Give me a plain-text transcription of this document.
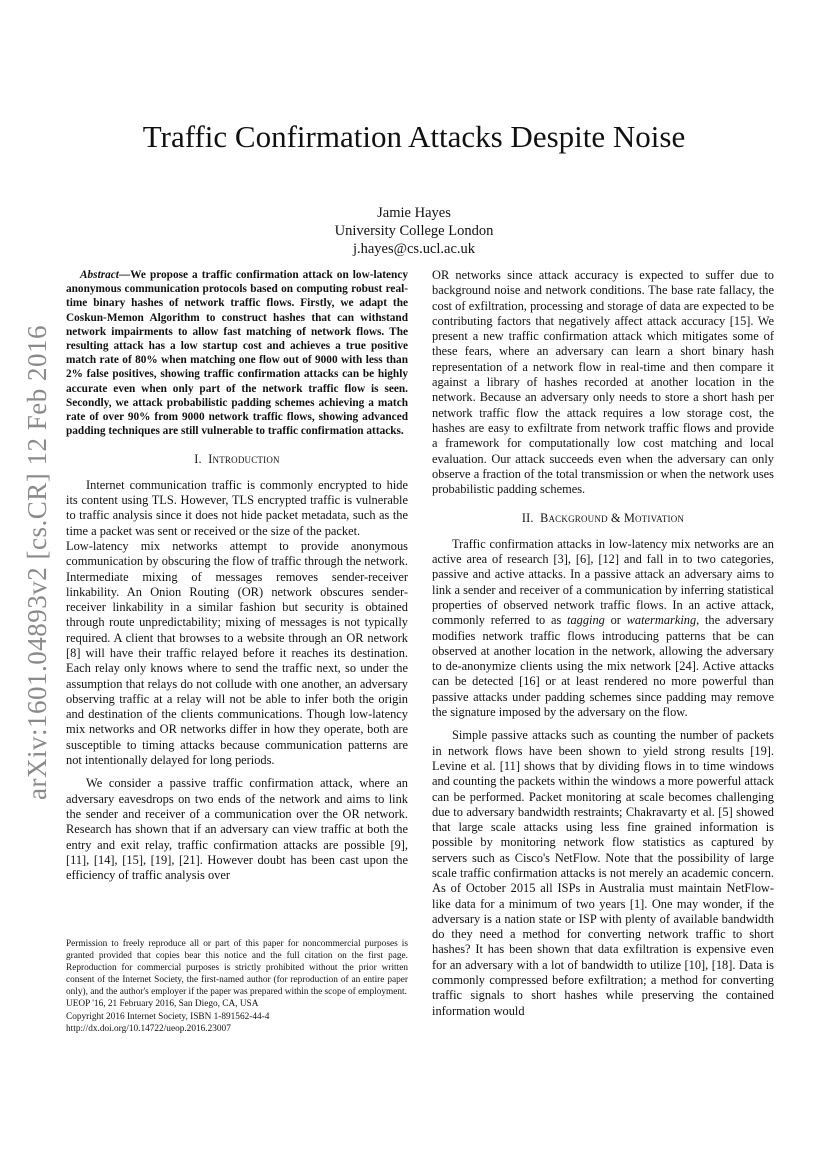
arXiv:1601.04893v2 [cs.CR] 12 Feb 2016
Traffic Confirmation Attacks Despite Noise
Jamie Hayes
University College London
j.hayes@cs.ucl.ac.uk

Abstract—We propose a traffic confirmation attack on low-latency anonymous communication protocols based on computing robust real-time binary hashes of network traffic flows. Firstly, we adapt the Coskun-Memon Algorithm to construct hashes that can withstand network impairments to allow fast matching of network flows. The resulting attack has a low startup cost and achieves a true positive match rate of 80% when matching one flow out of 9000 with less than 2% false positives, showing traffic confirmation attacks can be highly accurate even when only part of the network traffic flow is seen. Secondly, we attack probabilistic padding schemes achieving a match rate of over 90% from 9000 network traffic flows, showing advanced padding techniques are still vulnerable to traffic confirmation attacks.

I. Introduction

Internet communication traffic is commonly encrypted to hide its content using TLS. However, TLS encrypted traffic is vulnerable to traffic analysis since it does not hide packet metadata, such as the time a packet was sent or received or the size of the packet.

Low-latency mix networks attempt to provide anonymous communication by obscuring the flow of traffic through the network. Intermediate mixing of messages removes sender-receiver linkability. An Onion Routing (OR) network obscures sender-receiver linkability in a similar fashion but security is obtained through route unpredictability; mixing of messages is not typically required. A client that browses to a website through an OR network [8] will have their traffic relayed before it reaches its destination. Each relay only knows where to send the traffic next, so under the assumption that relays do not collude with one another, an adversary observing traffic at a relay will not be able to infer both the origin and destination of the clients communications. Though low-latency mix networks and OR networks differ in how they operate, both are susceptible to timing attacks because communication patterns are not intentionally delayed for long periods.

We consider a passive traffic confirmation attack, where an adversary eavesdrops on two ends of the network and aims to link the sender and receiver of a communication over the OR network. Research has shown that if an adversary can view traffic at both the entry and exit relay, traffic confirmation attacks are possible [9], [11], [14], [15], [19], [21]. However doubt has been cast upon the efficiency of traffic analysis over

Permission to freely reproduce all or part of this paper for noncommercial purposes is granted provided that copies bear this notice and the full citation on the first page. Reproduction for commercial purposes is strictly prohibited without the prior written consent of the Internet Society, the first-named author (for reproduction of an entire paper only), and the author's employer if the paper was prepared within the scope of employment.

UEOP '16, 21 February 2016, San Diego, CA, USA
Copyright 2016 Internet Society, ISBN 1-891562-44-4
http://dx.doi.org/10.14722/ueop.2016.23007

OR networks since attack accuracy is expected to suffer due to background noise and network conditions. The base rate fallacy, the cost of exfiltration, processing and storage of data are expected to be contributing factors that negatively affect attack accuracy [15]. We present a new traffic confirmation attack which mitigates some of these fears, where an adversary can learn a short binary hash representation of a network flow in real-time and then compare it against a library of hashes recorded at another location in the network. Because an adversary only needs to store a short hash per network traffic flow the attack requires a low storage cost, the hashes are easy to exfiltrate from network traffic flows and provide a framework for computationally low cost matching and local evaluation. Our attack succeeds even when the adversary can only observe a fraction of the total transmission or when the network uses probabilistic padding schemes.

II. Background & Motivation

Traffic confirmation attacks in low-latency mix networks are an active area of research [3], [6], [12] and fall in to two categories, passive and active attacks. In a passive attack an adversary aims to link a sender and receiver of a communication by inferring statistical properties of observed network traffic flows. In an active attack, commonly referred to as tagging or watermarking, the adversary modifies network traffic flows introducing patterns that be can observed at another location in the network, allowing the adversary to de-anonymize clients using the mix network [24]. Active attacks can be detected [16] or at least rendered no more powerful than passive attacks under padding schemes since padding may remove the signature imposed by the adversary on the flow.

Simple passive attacks such as counting the number of packets in network flows have been shown to yield strong results [19]. Levine et al. [11] shows that by dividing flows in to time windows and counting the packets within the windows a more powerful attack can be performed. Packet monitoring at scale becomes challenging due to adversary bandwidth restraints; Chakravarty et al. [5] showed that large scale attacks using less fine grained information is possible by monitoring network flow statistics as captured by servers such as Cisco's NetFlow. Note that the possibility of large scale traffic confirmation attacks is not merely an academic concern. As of October 2015 all ISPs in Australia must maintain NetFlow-like data for a minimum of two years [1]. One may wonder, if the adversary is a nation state or ISP with plenty of available bandwidth do they need a method for converting network traffic to short hashes? It has been shown that data exfiltration is expensive even for an adversary with a lot of bandwidth to utilize [10], [18]. Data is commonly compressed before exfiltration; a method for converting traffic signals to short hashes while preserving the contained information would
